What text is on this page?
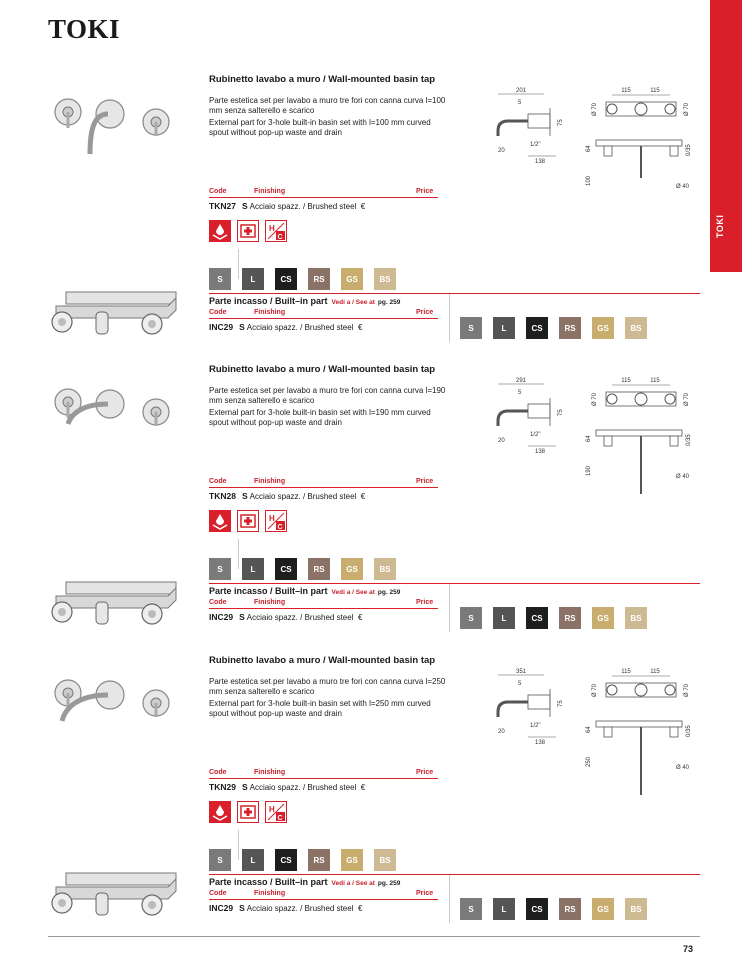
TOKI
TOKI
Rubinetto lavabo a muro / Wall-mounted basin tap

Parte estetica set per lavabo a muro tre fori con canna curva l=100 mm senza salterello e scarico

External part for 3-hole built-in basin set with l=100 mm curved spout without pop-up waste and drain

201
5
75
1/2"
138
20
115	115
Ø 70	Ø 70
64	0/35
100
Ø 40
Code	Finishing	Price
TKN27 S Acciaio spazz. / Brushed steel €
H
C
S	L	CS	RS	GS	BS
Parte incasso / Built–in part Vedi a / See at pg. 259
Code	Finishing	Price
INC29 S Acciaio spazz. / Brushed steel €	S	L	CS	RS	GS	BS
Rubinetto lavabo a muro / Wall-mounted basin tap

Parte estetica set per lavabo a muro tre fori con canna curva l=190 mm senza salterello e scarico

External part for 3-hole built-in basin set with l=190 mm curved spout without pop-up waste and drain

291
5
75
1/2"
138
20
115	115
Ø 70	Ø 70
64	0/35
190
Ø 40
Code	Finishing	Price
TKN28 S Acciaio spazz. / Brushed steel €
H
C
S	L	CS	RS	GS	BS
Parte incasso / Built–in part Vedi a / See at pg. 259
Code	Finishing	Price
INC29 S Acciaio spazz. / Brushed steel €	S	L	CS	RS	GS	BS
Rubinetto lavabo a muro / Wall-mounted basin tap

Parte estetica set per lavabo a muro tre fori con canna curva l=250 mm senza salterello e scarico

External part for 3-hole built-in basin set with l=250 mm curved spout without pop-up waste and drain

351
5
75
1/2"
138
20
115	115
Ø 70	Ø 70
64	0/35
250
Ø 40
Code	Finishing	Price
TKN29 S Acciaio spazz. / Brushed steel €
H
C
S	L	CS	RS	GS	BS
Parte incasso / Built–in part Vedi a / See at pg. 259
Code	Finishing	Price
INC29 S Acciaio spazz. / Brushed steel €	S	L	CS	RS	GS	BS
73
